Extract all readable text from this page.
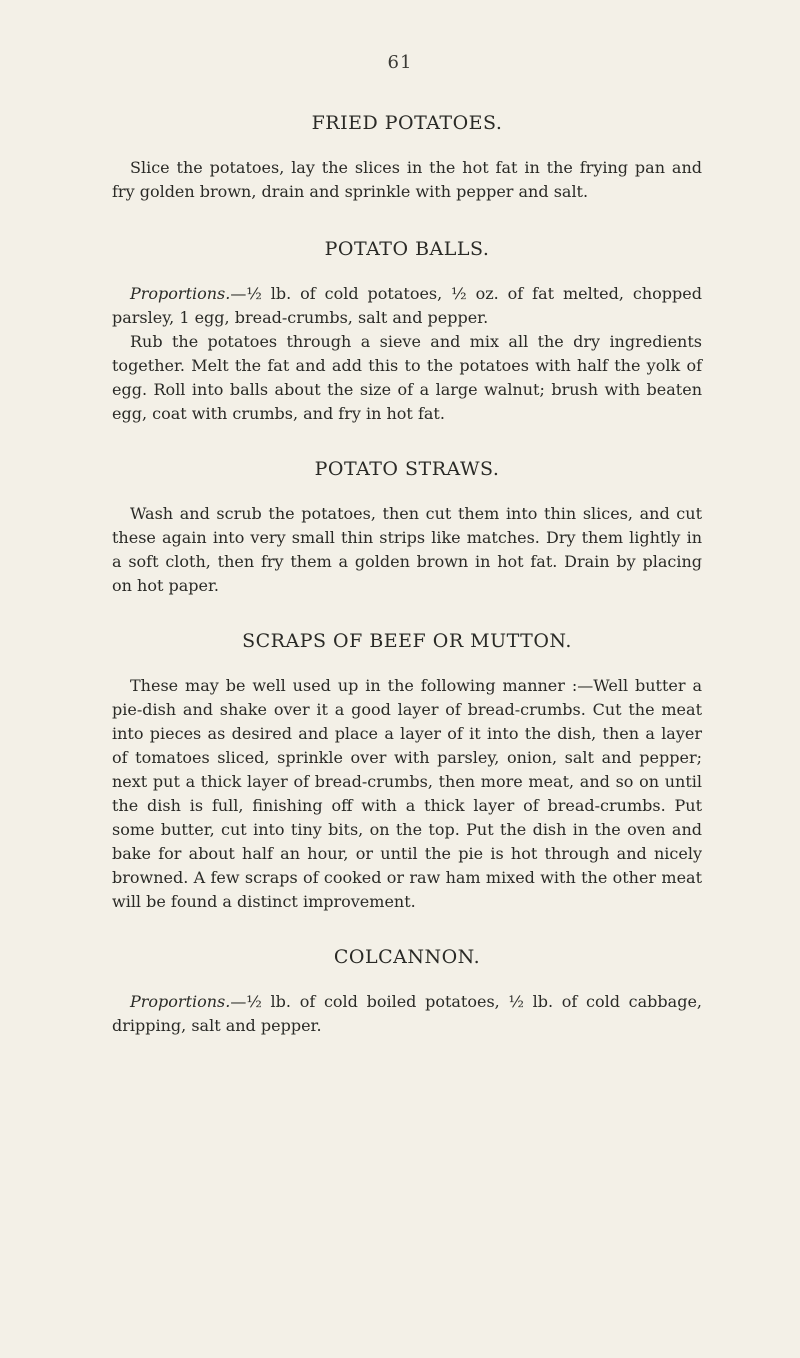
61
FRIED POTATOES.

Slice the potatoes, lay the slices in the hot fat in the frying pan and fry golden brown, drain and sprinkle with pepper and salt.

POTATO BALLS.

Proportions.—½ lb. of cold potatoes, ½ oz. of fat melted, chopped parsley, 1 egg, bread-crumbs, salt and pepper.

Rub the potatoes through a sieve and mix all the dry ingredients together. Melt the fat and add this to the potatoes with half the yolk of egg. Roll into balls about the size of a large walnut; brush with beaten egg, coat with crumbs, and fry in hot fat.

POTATO STRAWS.

Wash and scrub the potatoes, then cut them into thin slices, and cut these again into very small thin strips like matches. Dry them lightly in a soft cloth, then fry them a golden brown in hot fat. Drain by placing on hot paper.

SCRAPS OF BEEF OR MUTTON.

These may be well used up in the following manner :—Well butter a pie-dish and shake over it a good layer of bread-crumbs. Cut the meat into pieces as desired and place a layer of it into the dish, then a layer of tomatoes sliced, sprinkle over with parsley, onion, salt and pepper; next put a thick layer of bread-crumbs, then more meat, and so on until the dish is full, finishing off with a thick layer of bread-crumbs. Put some butter, cut into tiny bits, on the top. Put the dish in the oven and bake for about half an hour, or until the pie is hot through and nicely browned. A few scraps of cooked or raw ham mixed with the other meat will be found a distinct improvement.

COLCANNON.

Proportions.—½ lb. of cold boiled potatoes, ½ lb. of cold cabbage, dripping, salt and pepper.
